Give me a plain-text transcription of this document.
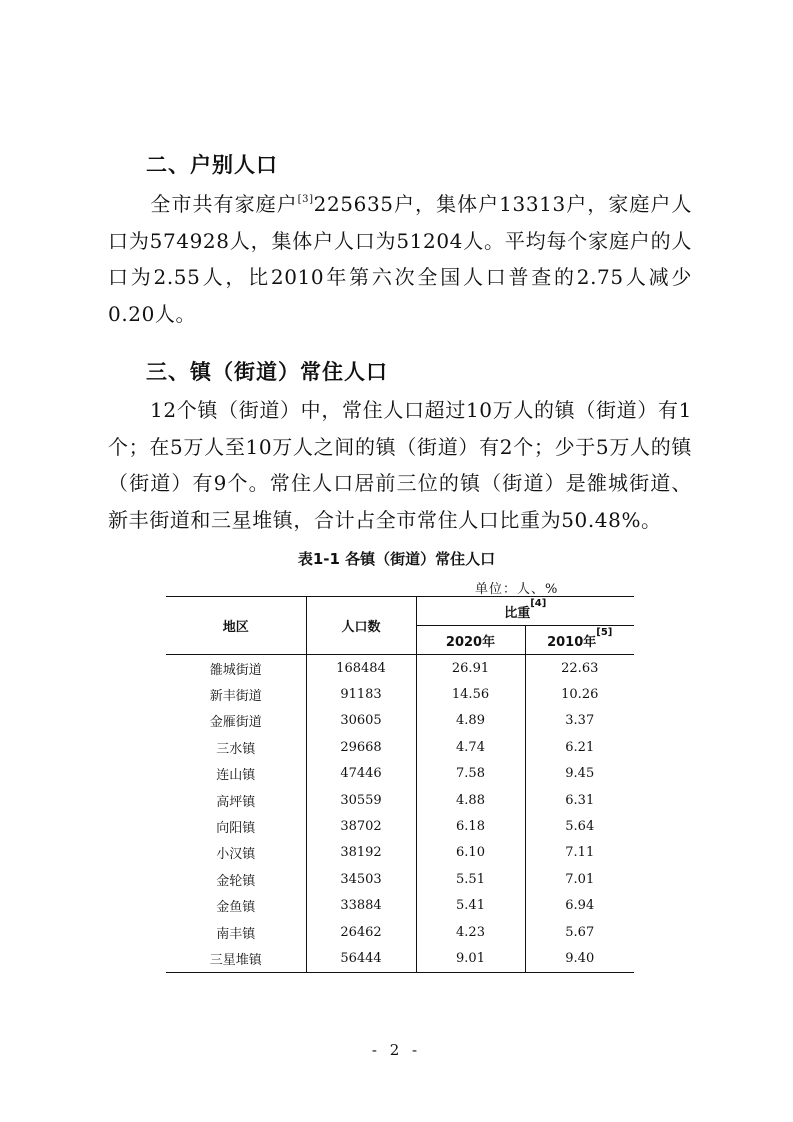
二、户别人口
全市共有家庭户[3]225635户，集体户13313户，家庭户人口为574928人，集体户人口为51204人。平均每个家庭户的人口为2.55人，比2010年第六次全国人口普查的2.75人减少0.20人。
三、镇（街道）常住人口
12个镇（街道）中，常住人口超过10万人的镇（街道）有1个；在5万人至10万人之间的镇（街道）有2个；少于5万人的镇（街道）有9个。常住人口居前三位的镇（街道）是雒城街道、新丰街道和三星堆镇，合计占全市常住人口比重为50.48%。
表1-1 各镇（街道）常住人口
单位：人、%
地区	人口数	比重[4]
		2020年	2010年[5]
雒城街道	168484	26.91	22.63
新丰街道	91183	14.56	10.26
金雁街道	30605	4.89	3.37
三水镇	29668	4.74	6.21
连山镇	47446	7.58	9.45
高坪镇	30559	4.88	6.31
向阳镇	38702	6.18	5.64
小汉镇	38192	6.10	7.11
金轮镇	34503	5.51	7.01
金鱼镇	33884	5.41	6.94
南丰镇	26462	4.23	5.67
三星堆镇	56444	9.01	9.40
- 2 -
